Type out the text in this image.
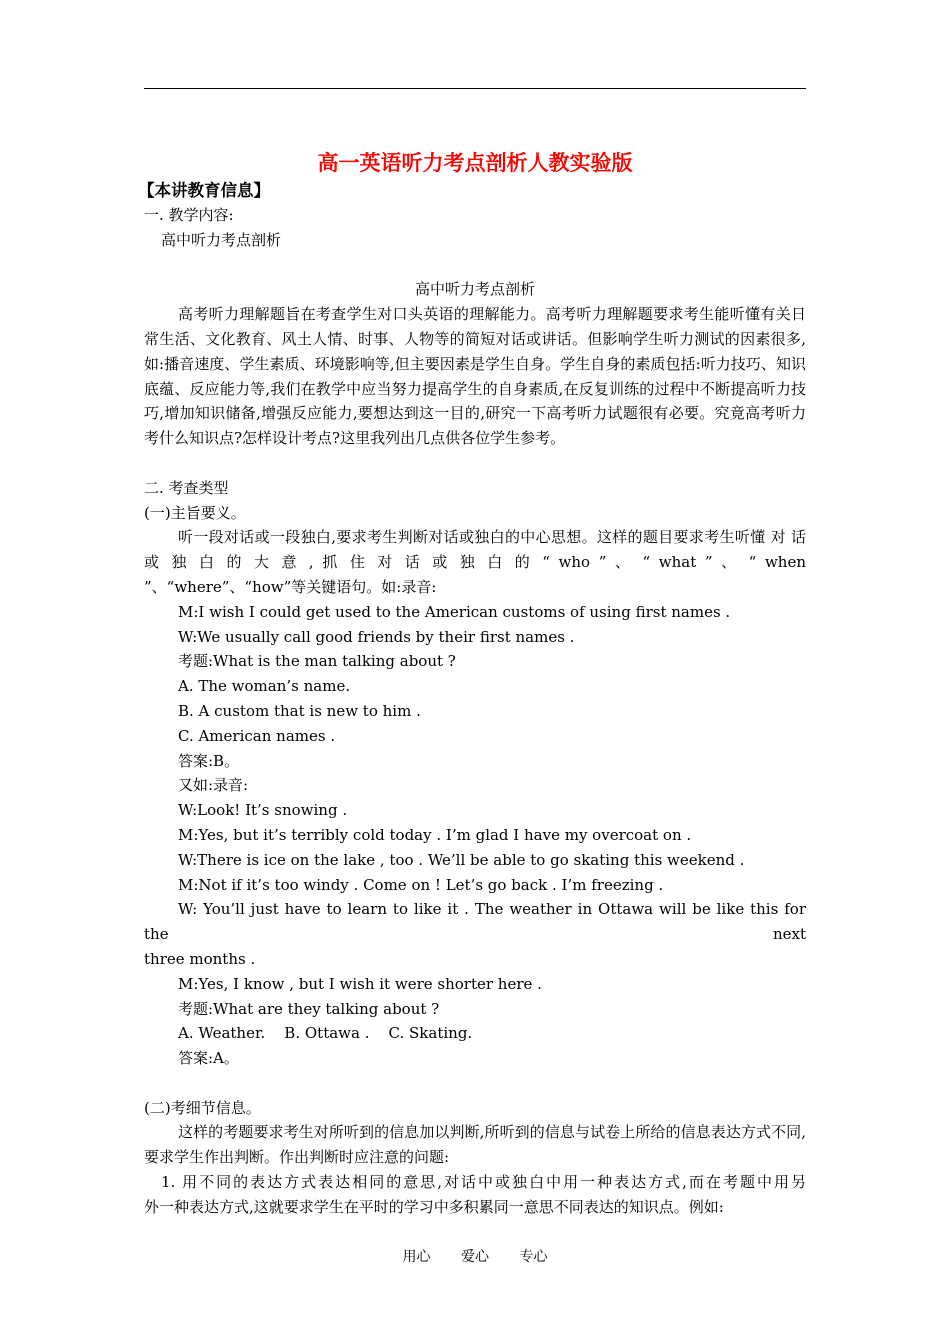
高一英语听力考点剖析人教实验版
【本讲教育信息】
一. 教学内容:
高中听力考点剖析
高中听力考点剖析
高考听力理解题旨在考查学生对口头英语的理解能力。高考听力理解题要求考生能听懂有关日常生活、文化教育、风土人情、时事、人物等的简短对话或讲话。但影响学生听力测试的因素很多,如:播音速度、学生素质、环境影响等,但主要因素是学生自身。学生自身的素质包括:听力技巧、知识底蕴、反应能力等,我们在教学中应当努力提高学生的自身素质,在反复训练的过程中不断提高听力技巧,增加知识储备,增强反应能力,要想达到这一目的,研究一下高考听力试题很有必要。究竟高考听力考什么知识点?怎样设计考点?这里我列出几点供各位学生参考。
二. 考查类型
(一)主旨要义。
听一段对话或一段独白,要求考生判断对话或独白的中心思想。这样的题目要求考生听懂 对 话 或 独 白 的 大 意 , 抓 住 对 话 或 独 白 的 “ who ” 、 “ what ” 、 “ when
”、“where”、“how”等关键语句。如:录音:
M:I wish I could get used to the American customs of using first names .
W:We usually call good friends by their first names .
考题:What is the man talking about ?
A. The woman’s name.
B. A custom that is new to him .
C. American names .
答案:B。
又如:录音:
W:Look! It’s snowing .
M:Yes, but it’s terribly cold today . I’m glad I have my overcoat on .
W:There is ice on the lake , too . We’ll be able to go skating this weekend .
M:Not if it’s too windy . Come on ! Let’s go back . I’m freezing .
W: You’ll just have to learn to like it . The weather in Ottawa will be like this for the next
three months .
M:Yes, I know , but I wish it were shorter here .
考题:What are they talking about ?
A. Weather.    B. Ottawa .    C. Skating.
答案:A。
(二)考细节信息。
这样的考题要求考生对所听到的信息加以判断,所听到的信息与试卷上所给的信息表达方式不同,要求学生作出判断。作出判断时应注意的问题:
1. 用不同的表达方式表达相同的意思,对话中或独白中用一种表达方式,而在考题中用另
外一种表达方式,这就要求学生在平时的学习中多积累同一意思不同表达的知识点。例如:
用心 爱心 专心
